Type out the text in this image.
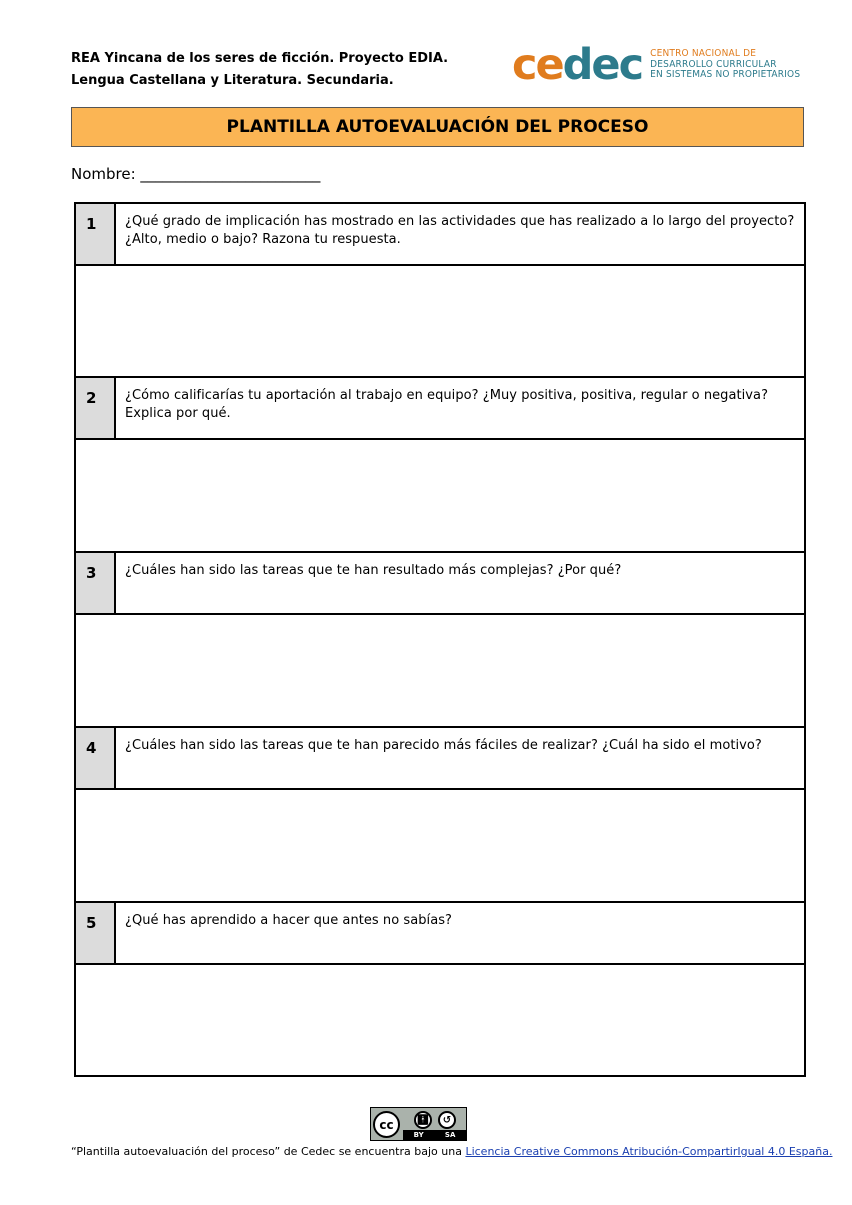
REA Yincana de los seres de ficción. Proyecto EDIA.
Lengua Castellana y Literatura. Secundaria.	cedec CENTRO NACIONAL DE
DESARROLLO CURRICULAR
EN SISTEMAS NO PROPIETARIOS
PLANTILLA AUTOEVALUACIÓN DEL PROCESO
Nombre: ________________________
1	¿Qué grado de implicación has mostrado en las actividades que has realizado a lo largo del proyecto? ¿Alto, medio o bajo? Razona tu respuesta.
2	¿Cómo calificarías tu aportación al trabajo en equipo? ¿Muy positiva, positiva, regular o negativa? Explica por qué.
3	¿Cuáles han sido las tareas que te han resultado más complejas? ¿Por qué?
4	¿Cuáles han sido las tareas que te han parecido más fáciles de realizar? ¿Cuál ha sido el motivo?
5	¿Qué has aprendido a hacer que antes no sabías?
cc	🚹︎	↺
BY	SA
“Plantilla autoevaluación del proceso” de Cedec se encuentra bajo una Licencia Creative Commons Atribución-CompartirIgual 4.0 España.
